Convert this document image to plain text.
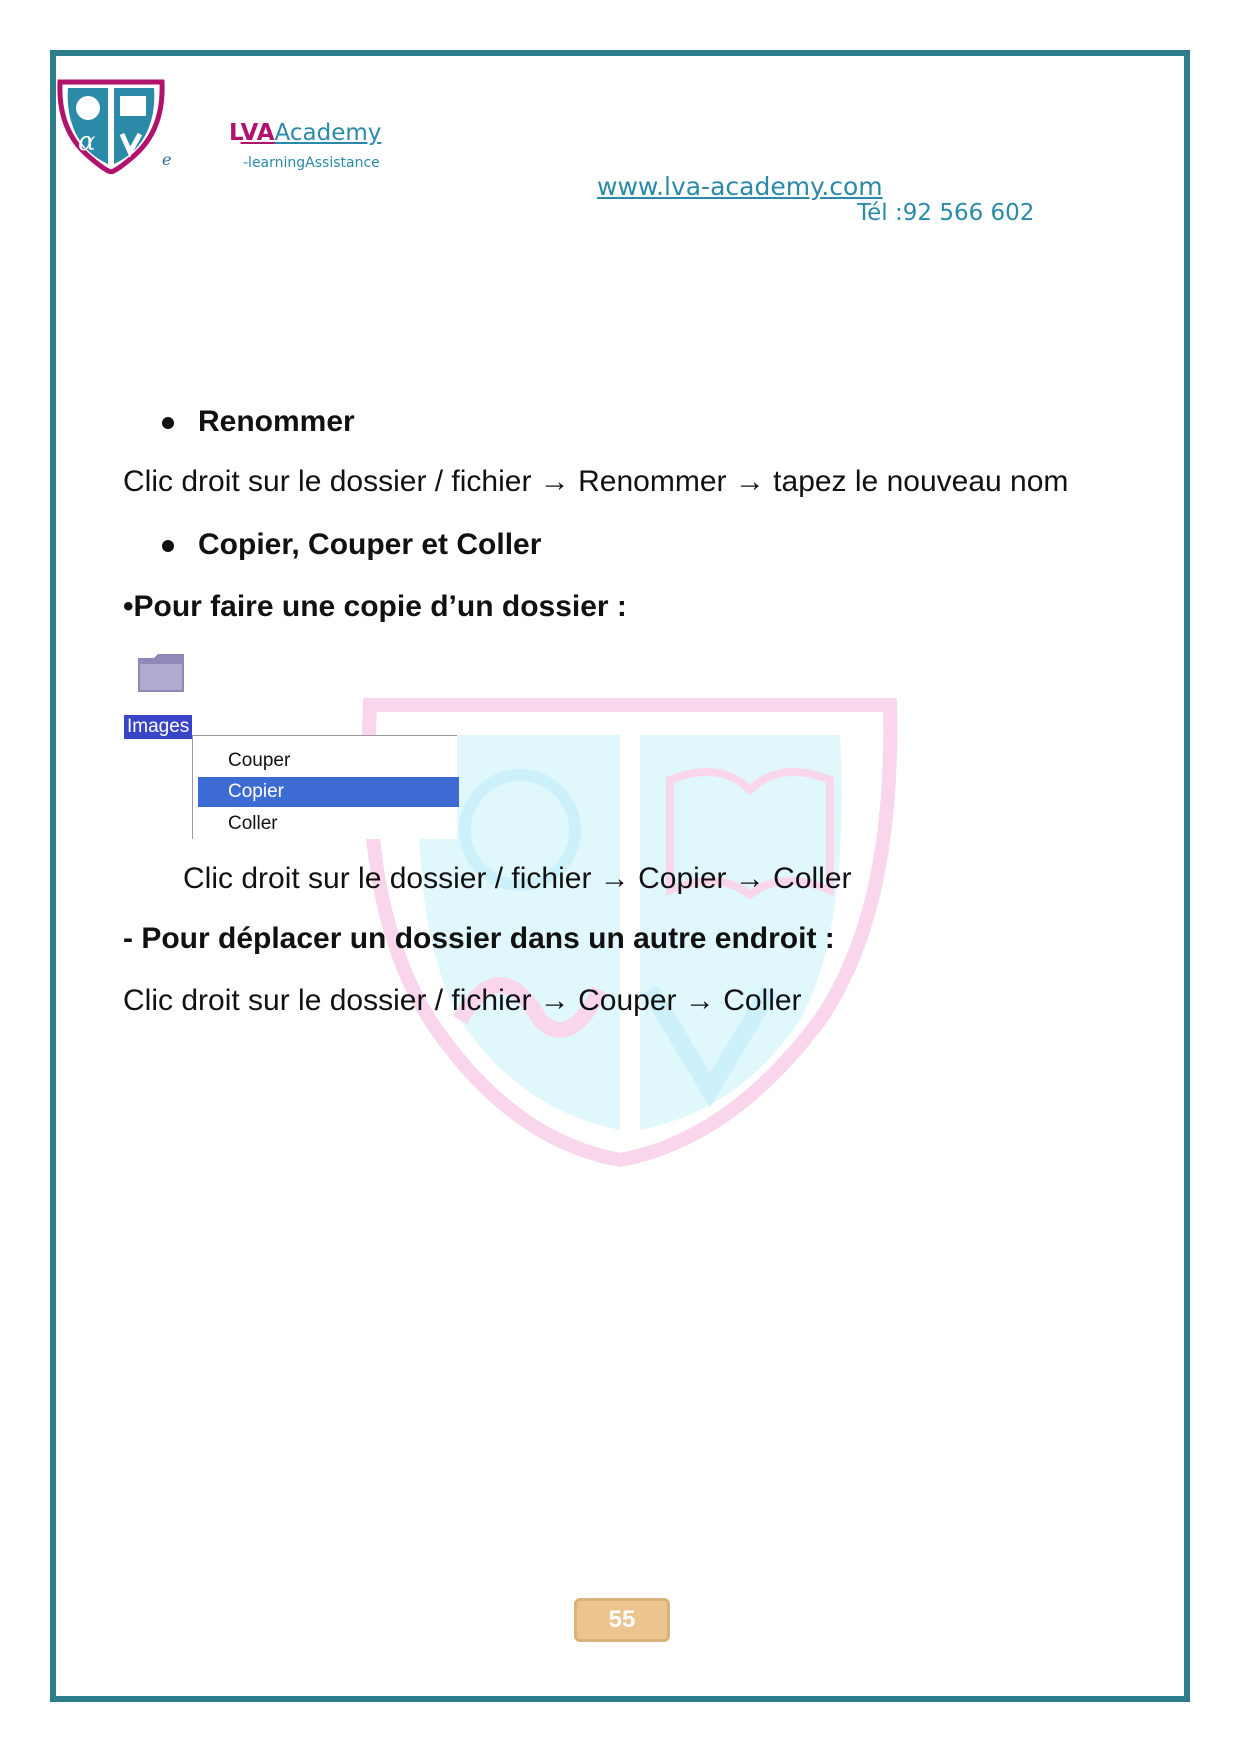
α
e
LVAAcademy
-learningAssistance
www.lva-academy.com
Tél :92 566 602
Renommer
Clic droit sur le dossier / fichier → Renommer → tapez le nouveau nom
Copier, Couper et Coller
•Pour faire une copie d’un dossier :
Images
Couper
Copier
Coller
Clic droit sur le dossier / fichier → Copier → Coller
- Pour déplacer un dossier dans un autre endroit :
Clic droit sur le dossier / fichier → Couper → Coller
55
